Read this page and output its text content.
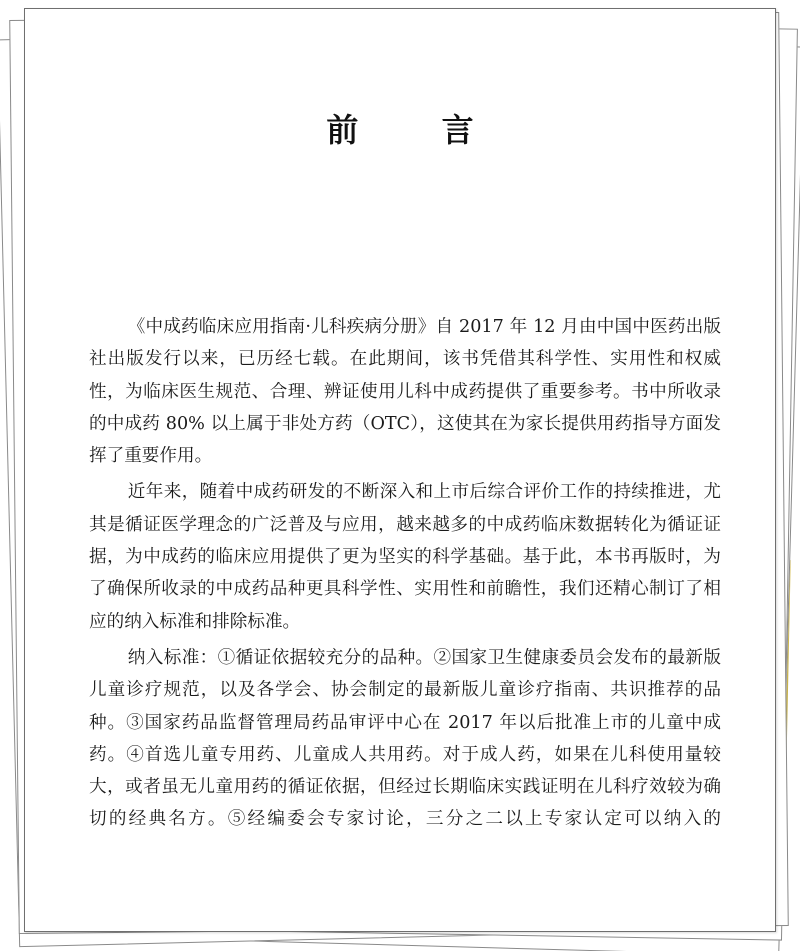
前 言

《中成药临床应用指南·儿科疾病分册》自 2017 年 12 月由中国中医药出版社出版发行以来，已历经七载。在此期间，该书凭借其科学性、实用性和权威性，为临床医生规范、合理、辨证使用儿科中成药提供了重要参考。书中所收录的中成药 80% 以上属于非处方药（OTC），这使其在为家长提供用药指导方面发挥了重要作用。

近年来，随着中成药研发的不断深入和上市后综合评价工作的持续推进，尤其是循证医学理念的广泛普及与应用，越来越多的中成药临床数据转化为循证证据，为中成药的临床应用提供了更为坚实的科学基础。基于此，本书再版时，为了确保所收录的中成药品种更具科学性、实用性和前瞻性，我们还精心制订了相应的纳入标准和排除标准。

纳入标准：①循证依据较充分的品种。②国家卫生健康委员会发布的最新版儿童诊疗规范，以及各学会、协会制定的最新版儿童诊疗指南、共识推荐的品种。③国家药品监督管理局药品审评中心在 2017 年以后批准上市的儿童中成药。④首选儿童专用药、儿童成人共用药。对于成人药，如果在儿科使用量较大，或者虽无儿童用药的循证依据，但经过长期临床实践证明在儿科疗效较为确切的经典名方。⑤经编委会专家讨论，三分之二以上专家认定可以纳入的
